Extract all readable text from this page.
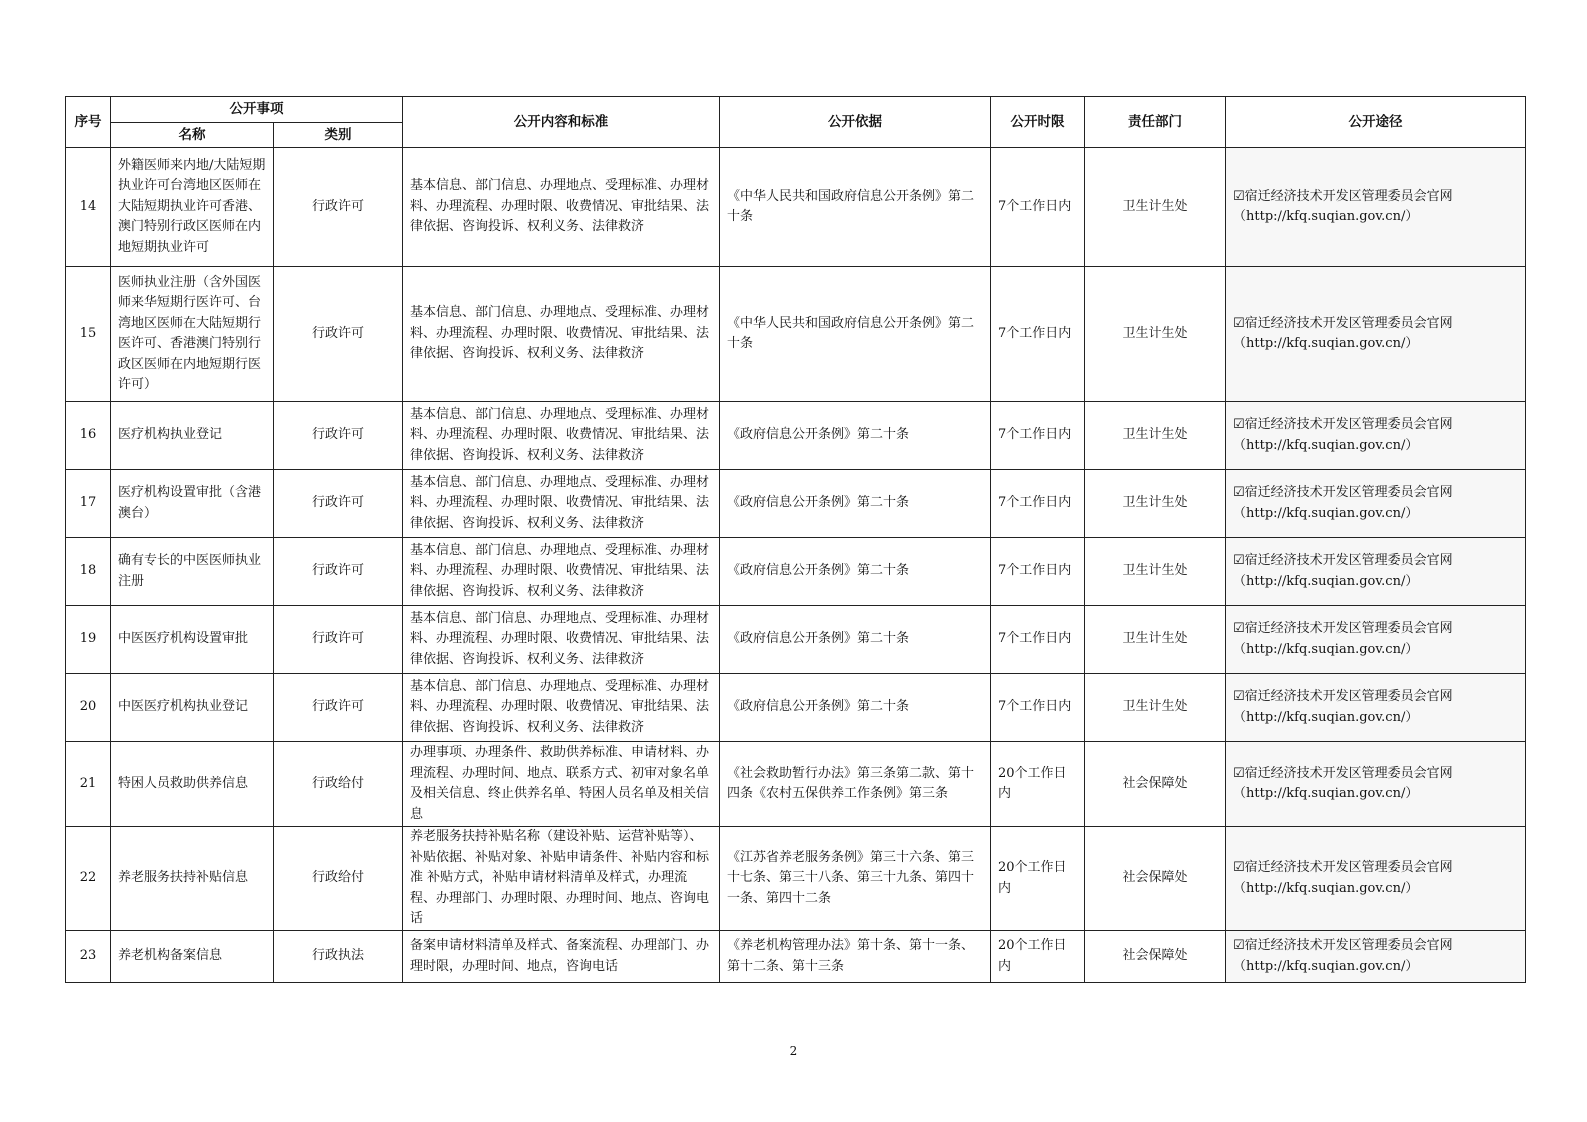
序号	公开事项		公开内容和标准	公开依据	公开时限	责任部门	公开途径
	名称	类别					
14	外籍医师来内地/大陆短期执业许可台湾地区医师在大陆短期执业许可香港、澳门特别行政区医师在内地短期执业许可	行政许可	基本信息、部门信息、办理地点、受理标准、办理材料、办理流程、办理时限、收费情况、审批结果、法律依据、咨询投诉、权利义务、法律救济	《中华人民共和国政府信息公开条例》第二十条	7个工作日内	卫生计生处	☑宿迁经济技术开发区管理委员会官网
（http://kfq.suqian.gov.cn/）

15	医师执业注册（含外国医师来华短期行医许可、台湾地区医师在大陆短期行医许可、香港澳门特别行政区医师在内地短期行医许可）	行政许可	基本信息、部门信息、办理地点、受理标准、办理材料、办理流程、办理时限、收费情况、审批结果、法律依据、咨询投诉、权利义务、法律救济	《中华人民共和国政府信息公开条例》第二十条	7个工作日内	卫生计生处	☑宿迁经济技术开发区管理委员会官网
（http://kfq.suqian.gov.cn/）

16	医疗机构执业登记	行政许可	基本信息、部门信息、办理地点、受理标准、办理材料、办理流程、办理时限、收费情况、审批结果、法律依据、咨询投诉、权利义务、法律救济	《政府信息公开条例》第二十条	7个工作日内	卫生计生处	☑宿迁经济技术开发区管理委员会官网
（http://kfq.suqian.gov.cn/）

17	医疗机构设置审批（含港澳台）	行政许可	基本信息、部门信息、办理地点、受理标准、办理材料、办理流程、办理时限、收费情况、审批结果、法律依据、咨询投诉、权利义务、法律救济	《政府信息公开条例》第二十条	7个工作日内	卫生计生处	☑宿迁经济技术开发区管理委员会官网
（http://kfq.suqian.gov.cn/）

18	确有专长的中医医师执业注册	行政许可	基本信息、部门信息、办理地点、受理标准、办理材料、办理流程、办理时限、收费情况、审批结果、法律依据、咨询投诉、权利义务、法律救济	《政府信息公开条例》第二十条	7个工作日内	卫生计生处	☑宿迁经济技术开发区管理委员会官网
（http://kfq.suqian.gov.cn/）

19	中医医疗机构设置审批	行政许可	基本信息、部门信息、办理地点、受理标准、办理材料、办理流程、办理时限、收费情况、审批结果、法律依据、咨询投诉、权利义务、法律救济	《政府信息公开条例》第二十条	7个工作日内	卫生计生处	☑宿迁经济技术开发区管理委员会官网
（http://kfq.suqian.gov.cn/）

20	中医医疗机构执业登记	行政许可	基本信息、部门信息、办理地点、受理标准、办理材料、办理流程、办理时限、收费情况、审批结果、法律依据、咨询投诉、权利义务、法律救济	《政府信息公开条例》第二十条	7个工作日内	卫生计生处	☑宿迁经济技术开发区管理委员会官网
（http://kfq.suqian.gov.cn/）

21	特困人员救助供养信息	行政给付	办理事项、办理条件、救助供养标准、申请材料、办理流程、办理时间、地点、联系方式、初审对象名单及相关信息、终止供养名单、特困人员名单及相关信息	《社会救助暂行办法》第三条第二款、第十四条《农村五保供养工作条例》第三条	20个工作日内	社会保障处	☑宿迁经济技术开发区管理委员会官网
（http://kfq.suqian.gov.cn/）

22	养老服务扶持补贴信息	行政给付	养老服务扶持补贴名称（建设补贴、运营补贴等）、补贴依据、补贴对象、补贴申请条件、补贴内容和标准 补贴方式，补贴申请材料清单及样式，办理流程、办理部门、办理时限、办理时间、地点、咨询电话	《江苏省养老服务条例》第三十六条、第三十七条、第三十八条、第三十九条、第四十一条、第四十二条	20个工作日内	社会保障处	☑宿迁经济技术开发区管理委员会官网
（http://kfq.suqian.gov.cn/）

23	养老机构备案信息	行政执法	备案申请材料清单及样式、备案流程、办理部门、办理时限，办理时间、地点，咨询电话	《养老机构管理办法》第十条、第十一条、第十二条、第十三条	20个工作日内	社会保障处	☑宿迁经济技术开发区管理委员会官网
（http://kfq.suqian.gov.cn/）
2
